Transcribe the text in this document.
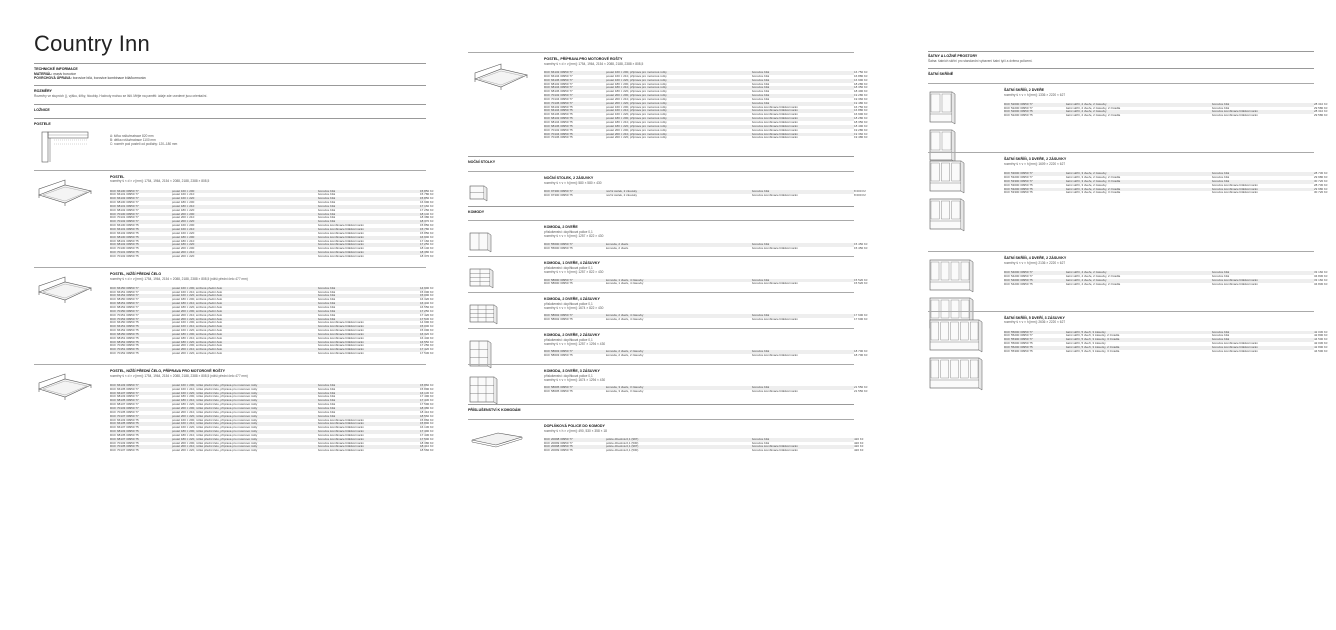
Country Inn
TECHNICKÉ INFORMACE
MATERIÁL: masiv borovice
POVRCHOVÁ ÚPRAVA: borovice bílá, borovice kombinace bílá/kormorán
ROZMĚRY
Rozměry ve stupních (), výšku, šířky, hloubky. Hodnoty mohou se lišit. Mějte na paměti: údaje zde uvedené jsou orientační.
LOŽNICE
POSTELE
A: šířka roštu/matrace 820 mm
B: délka roštu/matrace 1100 mm
C: rozměr pod postelí od podlahy: 120–180 mm
POSTEL
rozměry š × d × v [mm]: 1754, 1964, 2154 × 2088, 2188, 2388 × 808,5
DCF 66130 30950 77	postel 160 × 200	borovice bílá	15 850 Kč
DCF 66131 30950 77	postel 160 × 210	borovice bílá	15 780 Kč
DCF 66132 30950 77	postel 160 × 220	borovice bílá	15 850 Kč
DCF 68130 30950 77	postel 180 × 200	borovice bílá	16 990 Kč
DCF 68131 30950 77	postel 180 × 210	borovice bílá	17 160 Kč
DCF 68132 30950 77	postel 180 × 220	borovice bílá	17 250 Kč
DCF 70130 30950 77	postel 200 × 200	borovice bílá	18 140 Kč
DCF 70131 30950 77	postel 200 × 210	borovice bílá	18 380 Kč
DCF 70132 30950 77	postel 200 × 220	borovice bílá	18 370 Kč
DCF 66130 30950 75	postel 160 × 200	borovice kombinace bílá/kormorán	15 850 Kč
DCF 66131 30950 75	postel 160 × 210	borovice kombinace bílá/kormorán	15 780 Kč
DCF 66132 30950 75	postel 160 × 220	borovice kombinace bílá/kormorán	15 850 Kč
DCF 68130 30950 75	postel 180 × 200	borovice kombinace bílá/kormorán	16 990 Kč
DCF 68131 30950 75	postel 180 × 210	borovice kombinace bílá/kormorán	17 160 Kč
DCF 68132 30950 75	postel 180 × 220	borovice kombinace bílá/kormorán	17 250 Kč
DCF 70130 30950 75	postel 200 × 200	borovice kombinace bílá/kormorán	18 140 Kč
DCF 70131 30950 75	postel 200 × 210	borovice kombinace bílá/kormorán	18 380 Kč
DCF 70132 30950 75	postel 200 × 220	borovice kombinace bílá/kormorán	18 370 Kč
POSTEL, NIŽŠÍ PŘEDNÍ ČELO
rozměry š × d × v [mm]: 1754, 1964, 2154 × 2088, 2188, 2388 × 808,5 (nižší přední čelo 477 mm)
DCF 66150 30950 77	postel 160 × 200, snížené přední čelo	borovice bílá	14 990 Kč
DCF 66151 30950 77	postel 160 × 210, snížené přední čelo	borovice bílá	15 000 Kč
DCF 66152 30950 77	postel 160 × 220, snížené přední čelo	borovice bílá	15 090 Kč
DCF 68150 30950 77	postel 180 × 200, snížené přední čelo	borovice bílá	16 320 Kč
DCF 68151 30950 77	postel 180 × 210, snížené přední čelo	borovice bílá	16 440 Kč
DCF 68152 30950 77	postel 180 × 220, snížené přední čelo	borovice bílá	16 550 Kč
DCF 70150 30950 77	postel 200 × 200, snížené přední čelo	borovice bílá	17 250 Kč
DCF 70151 30950 77	postel 200 × 210, snížené přední čelo	borovice bílá	17 420 Kč
DCF 70152 30950 77	postel 200 × 220, snížené přední čelo	borovice bílá	17 530 Kč
DCF 66150 30950 75	postel 160 × 200, snížené přední čelo	borovice kombinace bílá/kormorán	14 990 Kč
DCF 66151 30950 75	postel 160 × 210, snížené přední čelo	borovice kombinace bílá/kormorán	15 000 Kč
DCF 66152 30950 75	postel 160 × 220, snížené přední čelo	borovice kombinace bílá/kormorán	15 090 Kč
DCF 68150 30950 75	postel 180 × 200, snížené přední čelo	borovice kombinace bílá/kormorán	16 320 Kč
DCF 68151 30950 75	postel 180 × 210, snížené přední čelo	borovice kombinace bílá/kormorán	16 440 Kč
DCF 68152 30950 75	postel 180 × 220, snížené přední čelo	borovice kombinace bílá/kormorán	16 550 Kč
DCF 70150 30950 75	postel 200 × 200, snížené přední čelo	borovice kombinace bílá/kormorán	17 250 Kč
DCF 70151 30950 75	postel 200 × 210, snížené přední čelo	borovice kombinace bílá/kormorán	17 420 Kč
DCF 70152 30950 75	postel 200 × 220, snížené přední čelo	borovice kombinace bílá/kormorán	17 530 Kč
POSTEL, NIŽŠÍ PŘEDNÍ ČELO, PŘÍPRAVA PRO MOTOROVÉ ROŠTY
rozměry š × d × v [mm]: 1754, 1964, 2154 × 2088, 2188, 2388 × 808,5 (nižší přední čelo 477 mm)
DCF 66133 30950 77	postel 160 × 200, nízké přední čelo, příprava pro motorové rošty	borovice bílá	15 860 Kč
DCF 66135 30950 77	postel 160 × 210, nízké přední čelo, příprava pro motorové rošty	borovice bílá	15 890 Kč
DCF 66137 30950 77	postel 160 × 220, nízké přední čelo, příprava pro motorové rošty	borovice bílá	16 130 Kč
DCF 68133 30950 77	postel 180 × 200, nízké přední čelo, příprava pro motorové rošty	borovice bílá	17 490 Kč
DCF 68135 30950 77	postel 180 × 210, nízké přední čelo, příprava pro motorové rošty	borovice bílá	17 430 Kč
DCF 68137 30950 77	postel 180 × 220, nízké přední čelo, příprava pro motorové rošty	borovice bílá	17 590 Kč
DCF 70133 30950 77	postel 200 × 200, nízké přední čelo, příprava pro motorové rošty	borovice bílá	18 380 Kč
DCF 70135 30950 77	postel 200 × 210, nízké přední čelo, příprava pro motorové rošty	borovice bílá	18 410 Kč
DCF 70137 30950 77	postel 200 × 220, nízké přední čelo, příprava pro motorové rošty	borovice bílá	18 560 Kč
DCF 66133 30950 75	postel 160 × 200, nízké přední čelo, příprava pro motorové rošty	borovice kombinace bílá/kormorán	15 860 Kč
DCF 66135 30950 75	postel 160 × 210, nízké přední čelo, příprava pro motorové rošty	borovice kombinace bílá/kormorán	15 890 Kč
DCF 66137 30950 75	postel 160 × 220, nízké přední čelo, příprava pro motorové rošty	borovice kombinace bílá/kormorán	16 130 Kč
DCF 68133 30950 75	postel 180 × 200, nízké přední čelo, příprava pro motorové rošty	borovice kombinace bílá/kormorán	17 490 Kč
DCF 68135 30950 75	postel 180 × 210, nízké přední čelo, příprava pro motorové rošty	borovice kombinace bílá/kormorán	17 430 Kč
DCF 68137 30950 75	postel 180 × 220, nízké přední čelo, příprava pro motorové rošty	borovice kombinace bílá/kormorán	17 590 Kč
DCF 70133 30950 75	postel 200 × 200, nízké přední čelo, příprava pro motorové rošty	borovice kombinace bílá/kormorán	18 380 Kč
DCF 70135 30950 75	postel 200 × 210, nízké přední čelo, příprava pro motorové rošty	borovice kombinace bílá/kormorán	18 410 Kč
DCF 70137 30950 75	postel 200 × 220, nízké přední čelo, příprava pro motorové rošty	borovice kombinace bílá/kormorán	18 560 Kč
POSTEL, PŘÍPRAVA PRO MOTOROVÉ ROŠTY
rozměry š × d × v [mm]: 1754, 1964, 2154 × 2088, 2188, 2388 × 808,5
DCF 66132 30950 77	postel 160 × 200, příprava pro motorové rošty	borovice bílá	16 750 Kč
DCF 66134 30950 77	postel 160 × 210, příprava pro motorové rošty	borovice bílá	16 880 Kč
DCF 66136 30950 77	postel 160 × 220, příprava pro motorové rošty	borovice bílá	16 990 Kč
DCF 68132 30950 77	postel 180 × 200, příprava pro motorové rošty	borovice bílá	18 280 Kč
DCF 68134 30950 77	postel 180 × 210, příprava pro motorové rošty	borovice bílá	18 350 Kč
DCF 68136 30950 77	postel 180 × 220, příprava pro motorové rošty	borovice bílá	18 490 Kč
DCF 70132 30950 77	postel 200 × 200, příprava pro motorové rošty	borovice bílá	19 280 Kč
DCF 70134 30950 77	postel 200 × 210, příprava pro motorové rošty	borovice bílá	19 360 Kč
DCF 70136 30950 77	postel 200 × 220, příprava pro motorové rošty	borovice bílá	19 480 Kč
DCF 66132 30950 75	postel 160 × 200, příprava pro motorové rošty	borovice kombinace bílá/kormorán	16 750 Kč
DCF 66134 30950 75	postel 160 × 210, příprava pro motorové rošty	borovice kombinace bílá/kormorán	16 880 Kč
DCF 66136 30950 75	postel 160 × 220, příprava pro motorové rošty	borovice kombinace bílá/kormorán	16 990 Kč
DCF 68132 30950 75	postel 180 × 200, příprava pro motorové rošty	borovice kombinace bílá/kormorán	18 280 Kč
DCF 68134 30950 75	postel 180 × 210, příprava pro motorové rošty	borovice kombinace bílá/kormorán	18 350 Kč
DCF 68136 30950 75	postel 180 × 220, příprava pro motorové rošty	borovice kombinace bílá/kormorán	18 490 Kč
DCF 70132 30950 75	postel 200 × 200, příprava pro motorové rošty	borovice kombinace bílá/kormorán	19 280 Kč
DCF 70134 30950 75	postel 200 × 210, příprava pro motorové rošty	borovice kombinace bílá/kormorán	19 360 Kč
DCF 70136 30950 75	postel 200 × 220, příprava pro motorové rošty	borovice kombinace bílá/kormorán	19 480 Kč
NOČNÍ STOLKY
NOČNÍ STOLEK, 2 ZÁSUVKY
rozměry š × v × h [mm]: 580 × 580 × 430
DCF 97300 30950 77	noční stolek, 2 zásuvky	borovice bílá	8 000 Kč
DCF 97300 30950 75	noční stolek, 2 zásuvky	borovice kombinace bílá/kormorán	8 000 Kč
KOMODY
KOMODA, 2 DVEŘE
příslušenství: doplňková police 0,1
rozměry š × v × h [mm]: 1257 × 822 × 430
DCF 55600 30950 77	komoda, 2 dveře	borovice bílá	15 450 Kč
DCF 55600 30950 75	komoda, 2 dveře	borovice kombinace bílá/kormorán	15 450 Kč
KOMODA, 1 DVEŘE, 4 ZÁSUVKY
příslušenství: doplňková police 0,1
rozměry š × v × h [mm]: 1257 × 822 × 430
DCF 58600 30950 77	komoda, 1 dveře, 4 zásuvky	borovice bílá	15 520 Kč
DCF 58600 30950 75	komoda, 1 dveře, 4 zásuvky	borovice kombinace bílá/kormorán	15 520 Kč
KOMODA, 2 DVEŘE, 4 ZÁSUVKY
příslušenství: doplňková police 0,1
rozměry š × v × h [mm]: 1674 × 822 × 430
DCF 58602 30950 77	komoda, 2 dveře, 4 zásuvky	borovice bílá	17 600 Kč
DCF 58602 30950 75	komoda, 2 dveře, 4 zásuvky	borovice kombinace bílá/kormorán	17 600 Kč
KOMODA, 2 DVEŘE, 2 ZÁSUVKY
příslušenství: doplňková police 0,1
rozměry š × v × h [mm]: 1257 × 1294 × 430
DCF 58603 30950 77	komoda, 2 dveře, 2 zásuvky	borovice bílá	18 700 Kč
DCF 58603 30950 75	komoda, 2 dveře, 2 zásuvky	borovice kombinace bílá/kormorán	18 700 Kč
KOMODA, 3 DVEŘE, 3 ZÁSUVKY
příslušenství: doplňková police 0,1
rozměry š × v × h [mm]: 1674 × 1294 × 430
DCF 58605 30950 77	komoda, 3 dveře, 3 zásuvky	borovice bílá	21 550 Kč
DCF 58605 30950 75	komoda, 3 dveře, 3 zásuvky	borovice kombinace bílá/kormorán	21 550 Kč
PŘÍSLUŠENSTVÍ K KOMODÁM
DOPLŇKOVÁ POLICE DO KOMODY
rozměry š × h × v [mm]: 490, 530 × 358 × 18
DCF 20098 30950 77	police dřevěná 0,1 (997)	borovice bílá	420 Kč
DCF 20099 30950 77	police dřevěná 0,1 (530)	borovice bílá	420 Kč
DCF 20098 30950 75	police dřevěná 0,1 (997)	borovice kombinace bílá/kormorán	420 Kč
DCF 20099 30950 75	police dřevěná 0,1 (530)	borovice kombinace bílá/kormorán	420 Kč
ŠATNY A LOŽNÉ PROSTORY
Šatna: šatních skříní pro standardní vybavení šatní tyčí a dvěma policemi.
ŠATNÍ SKŘÍNĚ
ŠATNÍ SKŘÍŇ, 2 DVEŘE
rozměry š × v × h [mm]: 1336 × 2220 × 627
DCF 52000 30950 77	šatní skříň, 2 dveře, 2 zásuvky	borovice bílá	28 310 Kč
DCF 52200 30950 77	šatní skříň, 2 dveře, 2 zásuvky, 2 zrcadla	borovice bílá	29 580 Kč
DCF 52000 30950 75	šatní skříň, 2 dveře, 2 zásuvky	borovice kombinace bílá/kormorán	28 310 Kč
DCF 52200 30950 75	šatní skříň, 2 dveře, 2 zásuvky, 2 zrcadla	borovice kombinace bílá/kormorán	29 580 Kč
ŠATNÍ SKŘÍŇ, 3 DVEŘE, 2 ZÁSUVKY
rozměry š × v × h [mm]: 1609 × 2220 × 627
DCF 53000 30950 77	šatní skříň, 3 dveře, 2 zásuvky	borovice bílá	28 730 Kč
DCF 53200 30950 77	šatní skříň, 3 dveře, 2 zásuvky, 2 zrcadla	borovice bílá	29 980 Kč
DCF 53300 30950 77	šatní skříň, 3 dveře, 2 zásuvky, 3 zrcadla	borovice bílá	30 720 Kč
DCF 53000 30950 75	šatní skříň, 3 dveře, 2 zásuvky	borovice kombinace bílá/kormorán	28 730 Kč
DCF 53200 30950 75	šatní skříň, 3 dveře, 2 zásuvky, 2 zrcadla	borovice kombinace bílá/kormorán	29 980 Kč
DCF 53300 30950 75	šatní skříň, 3 dveře, 2 zásuvky, 3 zrcadla	borovice kombinace bílá/kormorán	30 720 Kč
ŠATNÍ SKŘÍŇ, 4 DVEŘE, 2 ZÁSUVKY
rozměry š × v × h [mm]: 2136 × 2220 × 627
DCF 54000 30950 77	šatní skříň, 4 dveře, 2 zásuvky	borovice bílá	33 160 Kč
DCF 54200 30950 77	šatní skříň, 4 dveře, 2 zásuvky, 2 zrcadla	borovice bílá	34 830 Kč
DCF 54000 30950 75	šatní skříň, 4 dveře, 2 zásuvky	borovice kombinace bílá/kormorán	33 160 Kč
DCF 54200 30950 75	šatní skříň, 4 dveře, 2 zásuvky, 2 zrcadla	borovice kombinace bílá/kormorán	34 830 Kč
ŠATNÍ SKŘÍŇ, 5 DVEŘÍ, 3 ZÁSUVKY
rozměry š × v × h [mm]: 2636 × 2220 × 627
DCF 55000 30950 77	šatní skříň, 5 dveří, 3 zásuvky	borovice bílá	42 030 Kč
DCF 55200 30950 77	šatní skříň, 5 dveří, 3 zásuvky, 2 zrcadla	borovice bílá	42 800 Kč
DCF 55300 30950 77	šatní skříň, 5 dveří, 3 zásuvky, 3 zrcadla	borovice bílá	44 500 Kč
DCF 55000 30950 75	šatní skříň, 5 dveří, 3 zásuvky	borovice kombinace bílá/kormorán	42 030 Kč
DCF 55200 30950 75	šatní skříň, 5 dveří, 3 zásuvky, 2 zrcadla	borovice kombinace bílá/kormorán	42 800 Kč
DCF 55300 30950 75	šatní skříň, 5 dveří, 3 zásuvky, 3 zrcadla	borovice kombinace bílá/kormorán	44 500 Kč
